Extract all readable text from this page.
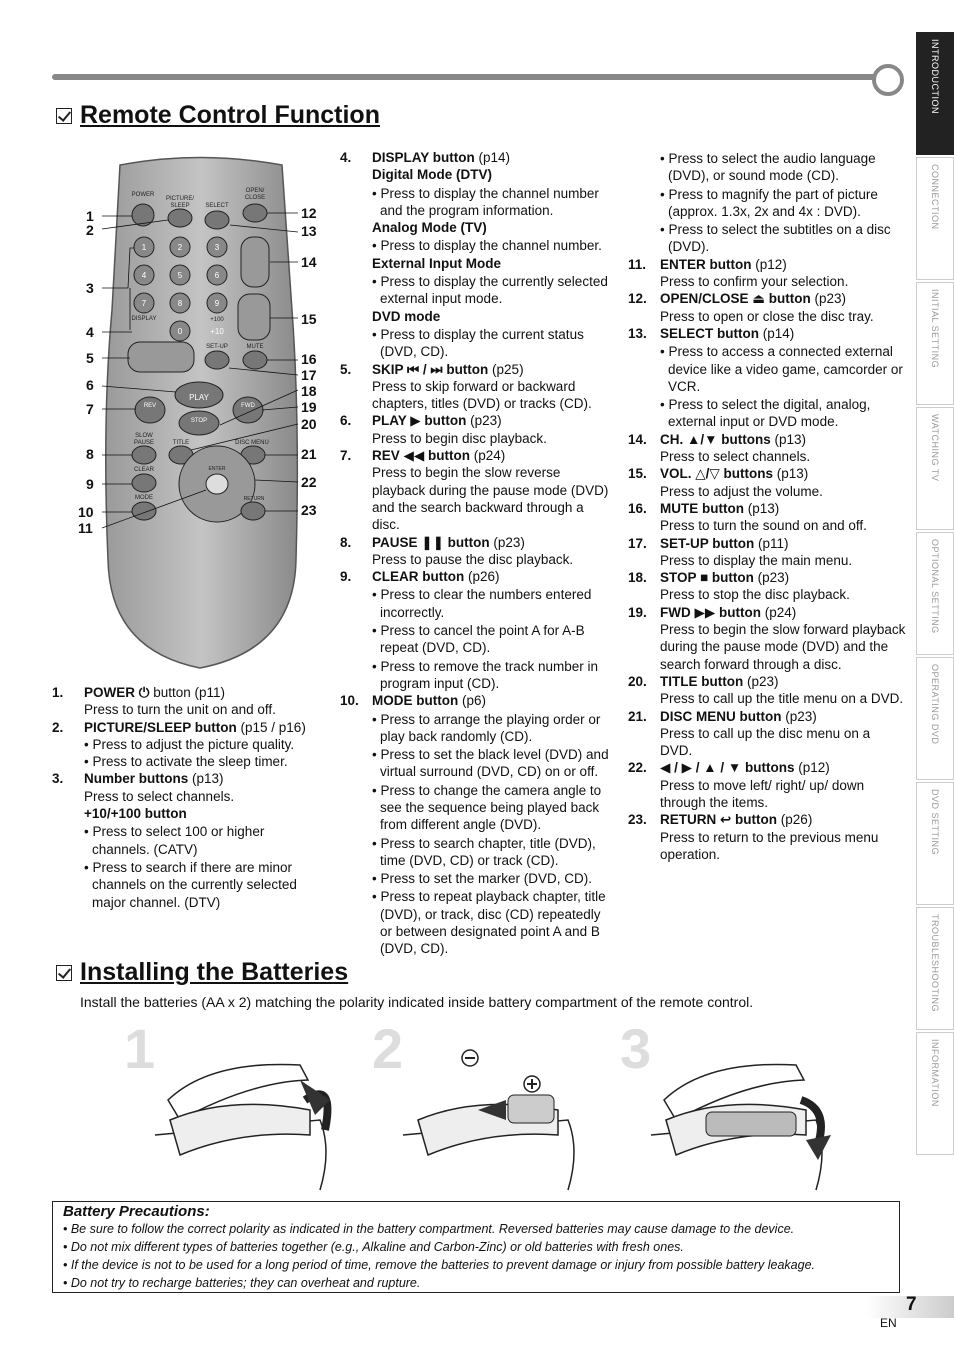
INTRODUCTION
CONNECTION
INITIAL SETTING
WATCHING TV
OPTIONAL SETTING
OPERATING DVD
DVD SETTING
TROUBLESHOOTING
INFORMATION
Remote Control Function
POWER
PICTURE/
SLEEP	SELECT
OPEN/
CLOSE
DISPLAY	+100
SET-UP	MUTE
SLOW
PAUSE	TITLE	DISC MENU
CLEAR
MODE
1	2	3
4	5	6
7	8	9
0	+10
PLAY
REV	FWD
STOP
ENTER
RETURN
1
2
3
4
5
6
7
8
9
10
11
12
13
14
15
16
17
18
19
20
21
22
23
1. POWER ⏻ button (p11)
Press to turn the unit on and off.
2. PICTURE/SLEEP button (p15 / p16)
• Press to adjust the picture quality.
• Press to activate the sleep timer.
3. Number buttons (p13)
Press to select channels.
+10/+100 button
• Press to select 100 or higher channels. (CATV)
• Press to search if there are minor channels on the currently selected major channel. (DTV)
4. DISPLAY button (p14)
Digital Mode (DTV)
• Press to display the channel number and the program information.
Analog Mode (TV)
• Press to display the channel number.
External Input Mode
• Press to display the currently selected external input mode.
DVD mode
• Press to display the current status (DVD, CD).
5. SKIP ⏮ / ⏭ button (p25)
Press to skip forward or backward chapters, titles (DVD) or tracks (CD).
6. PLAY ▶ button (p23)
Press to begin disc playback.
7. REV ◀◀ button (p24)
Press to begin the slow reverse playback during the pause mode (DVD) and the search backward through a disc.
8. PAUSE ❚❚ button (p23)
Press to pause the disc playback.
9. CLEAR button (p26)
• Press to clear the numbers entered incorrectly.
• Press to cancel the point A for A-B repeat (DVD, CD).
• Press to remove the track number in program input (CD).
10. MODE button (p6)
• Press to arrange the playing order or play back randomly (CD).
• Press to set the black level (DVD) and virtual surround (DVD, CD) on or off.
• Press to change the camera angle to see the sequence being played back from different angle (DVD).
• Press to search chapter, title (DVD), time (DVD, CD) or track (CD).
• Press to set the marker (DVD, CD).
• Press to repeat playback chapter, title (DVD), or track, disc (CD) repeatedly or between designated point A and B (DVD, CD).
• Press to select the audio language (DVD), or sound mode (CD).
• Press to magnify the part of picture (approx. 1.3x, 2x and 4x : DVD).
• Press to select the subtitles on a disc (DVD).
11. ENTER button (p12)
Press to confirm your selection.
12. OPEN/CLOSE ⏏ button (p23)
Press to open or close the disc tray.
13. SELECT button (p14)
• Press to access a connected external device like a video game, camcorder or VCR.
• Press to select the digital, analog, external input or DVD mode.
14. CH. ▲/▼ buttons (p13)
Press to select channels.
15. VOL. △/▽ buttons (p13)
Press to adjust the volume.
16. MUTE button (p13)
Press to turn the sound on and off.
17. SET-UP button (p11)
Press to display the main menu.
18. STOP ■ button (p23)
Press to stop the disc playback.
19. FWD ▶▶ button (p24)
Press to begin the slow forward playback during the pause mode (DVD) and the search forward through a disc.
20. TITLE button (p23)
Press to call up the title menu on a DVD.
21. DISC MENU button (p23)
Press to call up the disc menu on a DVD.
22. ◀ / ▶ / ▲ / ▼ buttons (p12)
Press to move left/ right/ up/ down through the items.
23. RETURN ↩ button (p26)
Press to return to the previous menu operation.
Installing the Batteries
Install the batteries (AA x 2) matching the polarity indicated inside battery compartment of the remote control.
1	2	3
Battery Precautions:
• Be sure to follow the correct polarity as indicated in the battery compartment. Reversed batteries may cause damage to the device.
• Do not mix different types of batteries together (e.g., Alkaline and Carbon-Zinc) or old batteries with fresh ones.
• If the device is not to be used for a long period of time, remove the batteries to prevent damage or injury from possible battery leakage.
• Do not try to recharge batteries; they can overheat and rupture.
7
EN
